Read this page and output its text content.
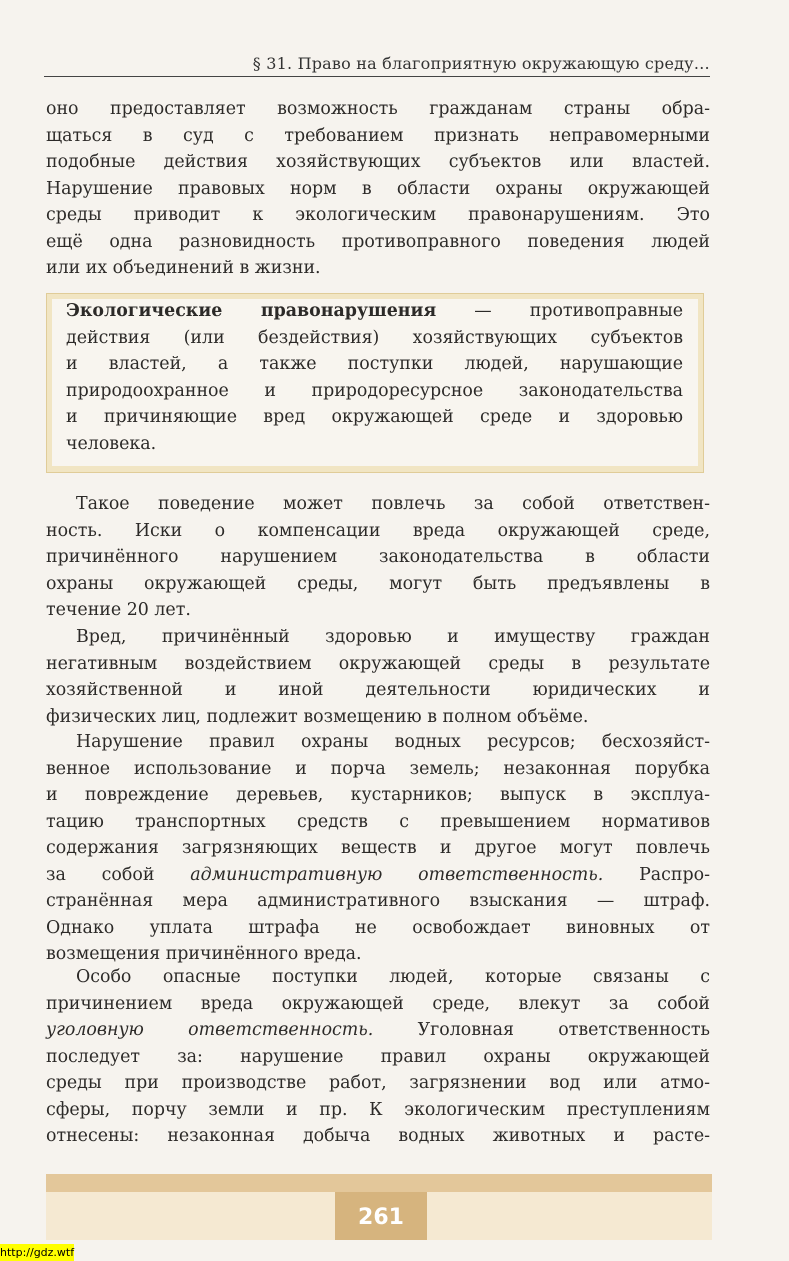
§ 31. Право на благоприятную окружающую среду…
оно предоставляет возможность гражданам страны обра-
щаться в суд с требованием признать неправомерными
подобные действия хозяйствующих субъектов или властей.
Нарушение правовых норм в области охраны окружающей
среды приводит к экологическим правонарушениям. Это
ещё одна разновидность противоправного поведения людей
или их объединений в жизни.
Экологические правонарушения — противоправные
действия (или бездействия) хозяйствующих субъектов
и властей, а также поступки людей, нарушающие
природоохранное и природоресурсное законодательства
и причиняющие вред окружающей среде и здоровью
человека.
Такое поведение может повлечь за собой ответствен-
ность. Иски о компенсации вреда окружающей среде,
причинённого нарушением законодательства в области
охраны окружающей среды, могут быть предъявлены в
течение 20 лет.
Вред, причинённый здоровью и имуществу граждан
негативным воздействием окружающей среды в результате
хозяйственной и иной деятельности юридических и
физических лиц, подлежит возмещению в полном объёме.
Нарушение правил охраны водных ресурсов; бесхозяйст-
венное использование и порча земель; незаконная порубка
и повреждение деревьев, кустарников; выпуск в эксплуа-
тацию транспортных средств с превышением нормативов
содержания загрязняющих веществ и другое могут повлечь
за собой административную ответственность. Распро-
странённая мера административного взыскания — штраф.
Однако уплата штрафа не освобождает виновных от
возмещения причинённого вреда.
Особо опасные поступки людей, которые связаны с
причинением вреда окружающей среде, влекут за собой
уголовную ответственность. Уголовная ответственность
последует за: нарушение правил охраны окружающей
среды при производстве работ, загрязнении вод или атмо-
сферы, порчу земли и пр. К экологическим преступлениям
отнесены: незаконная добыча водных животных и расте-
261
http://gdz.wtf
